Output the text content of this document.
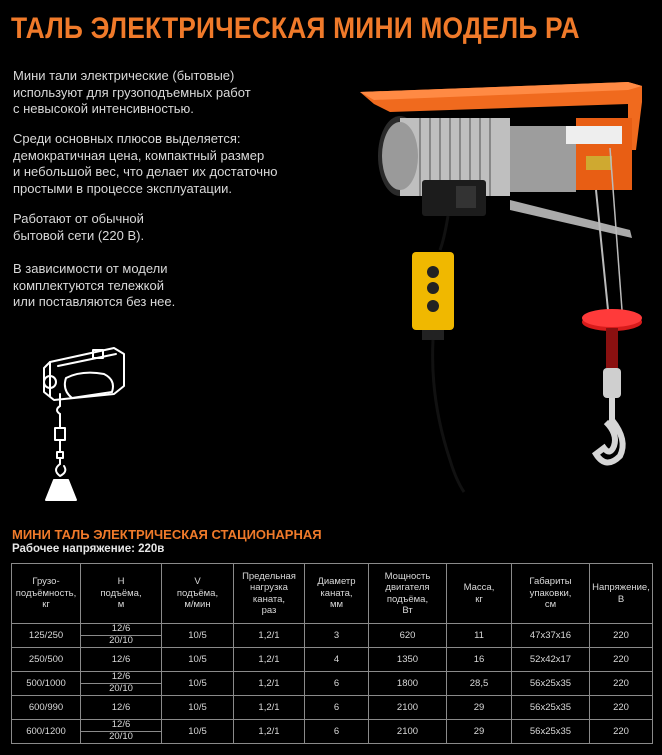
ТАЛЬ ЭЛЕКТРИЧЕСКАЯ МИНИ МОДЕЛЬ РА
Мини тали электрические (бытовые)
используют для грузоподъемных работ
с невысокой интенсивностью.
Среди основных плюсов выделяется:
демократичная цена, компактный размер
и небольшой вес, что делает их достаточно
простыми в процессе эксплуатации.
Работают от обычной
бытовой сети (220 В).
В зависимости от модели
комплектуются тележкой
или поставляются без нее.
МИНИ ТАЛЬ ЭЛЕКТРИЧЕСКАЯ СТАЦИОНАРНАЯ
Рабочее напряжение: 220в
Грузо-
подъёмность,
кг	Н
подъёма,
м	V
подъёма,
м/мин	Предельная
нагрузка
каната,
раз	Диаметр
каната,
мм	Мощность
двигателя
подъёма,
Вт	Масса,
кг	Габариты
упаковки,
см	Напряжение,
В
125/250	12/6
20/10	10/5	1,2/1	3	620	11	47x37x16	220
250/500	12/6	10/5	1,2/1	4	1350	16	52x42x17	220
500/1000	12/6
20/10	10/5	1,2/1	6	1800	28,5	56x25x35	220
600/990	12/6	10/5	1,2/1	6	2100	29	56x25x35	220
600/1200	12/6
20/10	10/5	1,2/1	6	2100	29	56x25x35	220
